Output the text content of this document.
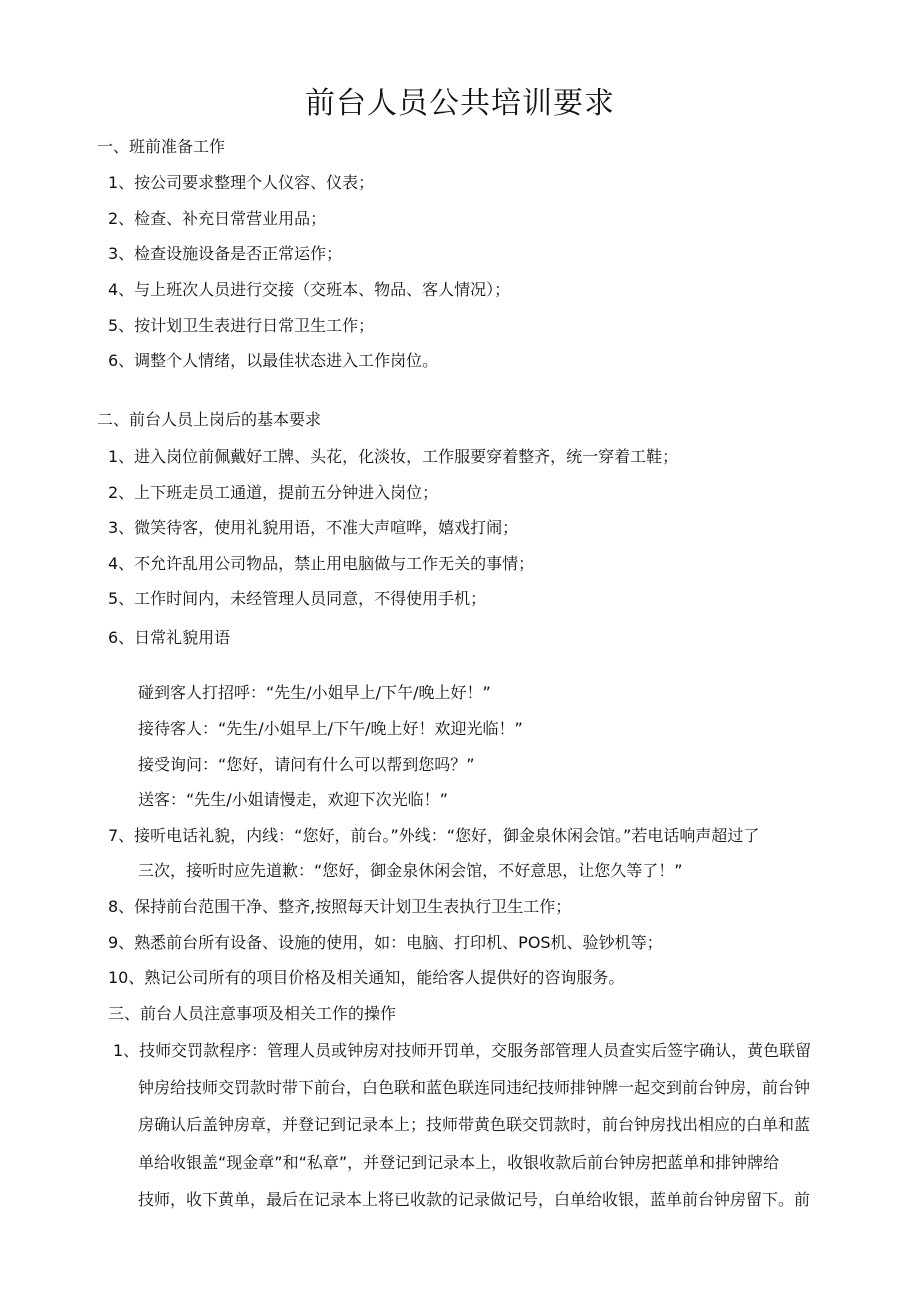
前台人员公共培训要求
一、班前准备工作
1、按公司要求整理个人仪容、仪表；
2、检查、补充日常营业用品；
3、检查设施设备是否正常运作；
4、与上班次人员进行交接（交班本、物品、客人情况）；
5、按计划卫生表进行日常卫生工作；
6、调整个人情绪，以最佳状态进入工作岗位。
二、前台人员上岗后的基本要求
1、进入岗位前佩戴好工牌、头花，化淡妆，工作服要穿着整齐，统一穿着工鞋；
2、上下班走员工通道，提前五分钟进入岗位；
3、微笑待客，使用礼貌用语，不准大声喧哗，嬉戏打闹；
4、不允许乱用公司物品，禁止用电脑做与工作无关的事情；
5、工作时间内，未经管理人员同意，不得使用手机；
6、日常礼貌用语
碰到客人打招呼：“先生/小姐早上/下午/晚上好！”
接待客人：“先生/小姐早上/下午/晚上好！欢迎光临！”
接受询问：“您好，请问有什么可以帮到您吗？”
送客：“先生/小姐请慢走，欢迎下次光临！”
7、接听电话礼貌，内线：“您好，前台。”外线：“您好，御金泉休闲会馆。”若电话响声超过了
三次，接听时应先道歉：“您好，御金泉休闲会馆，不好意思，让您久等了！”
8、保持前台范围干净、整齐,按照每天计划卫生表执行卫生工作；
9、熟悉前台所有设备、设施的使用，如：电脑、打印机、POS机、验钞机等；
10、熟记公司所有的项目价格及相关通知，能给客人提供好的咨询服务。
三、前台人员注意事项及相关工作的操作
1、技师交罚款程序：管理人员或钟房对技师开罚单，交服务部管理人员查实后签字确认，黄色联留
钟房给技师交罚款时带下前台，白色联和蓝色联连同违纪技师排钟牌一起交到前台钟房，前台钟
房确认后盖钟房章，并登记到记录本上；技师带黄色联交罚款时，前台钟房找出相应的白单和蓝
单给收银盖“现金章”和“私章”，并登记到记录本上，收银收款后前台钟房把蓝单和排钟牌给
技师，收下黄单，最后在记录本上将已收款的记录做记号，白单给收银，蓝单前台钟房留下。前
